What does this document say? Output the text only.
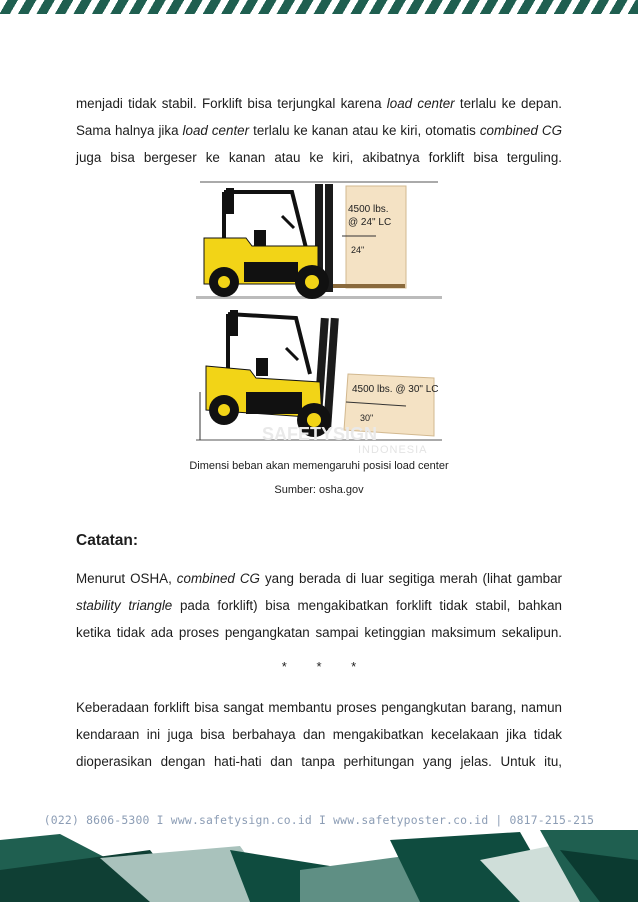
menjadi tidak stabil. Forklift bisa terjungkal karena load center terlalu ke depan. Sama halnya jika load center terlalu ke kanan atau ke kiri, otomatis combined CG
juga bisa bergeser ke kanan atau ke kiri, akibatnya forklift bisa terguling.

4500 lbs.
@ 24" LC
24"
4500 lbs. @ 30" LC
30"
SAFETYSIGN
INDONESIA
Dimensi beban akan memengaruhi posisi load center
Sumber: osha.gov
Catatan:

Menurut OSHA, combined CG yang berada di luar segitiga merah (lihat gambar stability triangle pada forklift) bisa mengakibatkan forklift tidak stabil, bahkan
ketika tidak ada proses pengangkatan sampai ketinggian maksimum sekalipun.

* * *

Keberadaan forklift bisa sangat membantu proses pengangkutan barang, namun kendaraan ini juga bisa berbahaya dan mengakibatkan kecelakaan jika tidak
dioperasikan dengan hati-hati dan tanpa perhitungan yang jelas. Untuk itu,

(022) 8606-5300 I www.safetysign.co.id I www.safetyposter.co.id | 0817-215-215
